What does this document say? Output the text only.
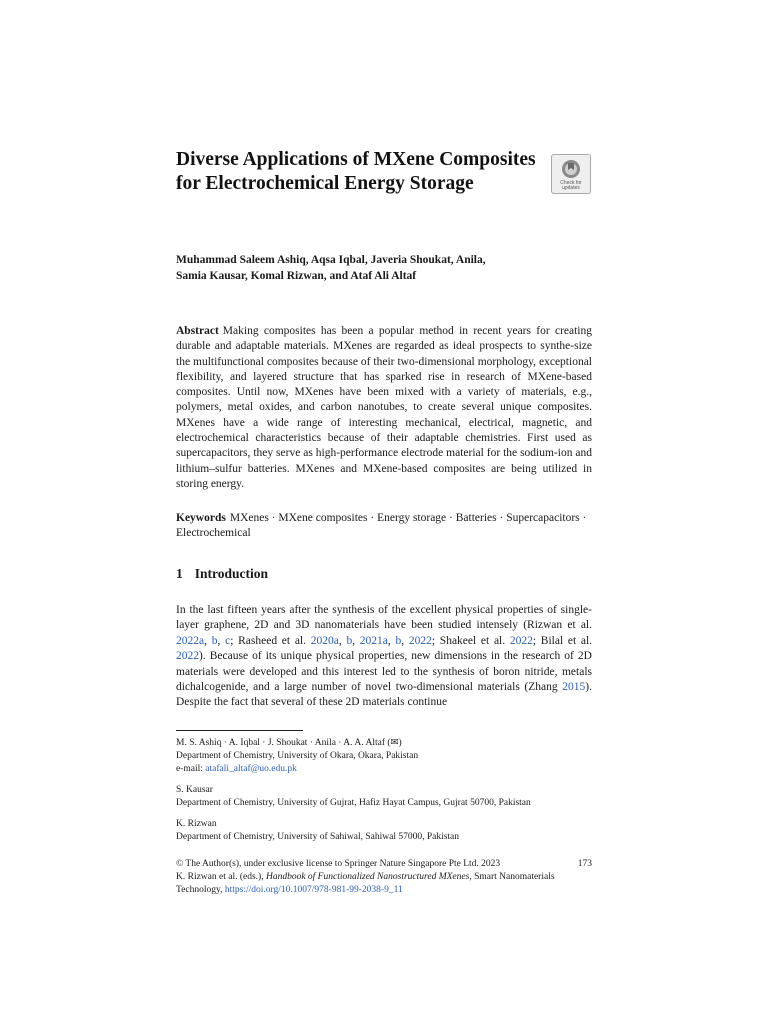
Diverse Applications of MXene Composites for Electrochemical Energy Storage	Check for
updates
Muhammad Saleem Ashiq, Aqsa Iqbal, Javeria Shoukat, Anila,
Samia Kausar, Komal Rizwan, and Ataf Ali Altaf
Abstract Making composites has been a popular method in recent years for creating durable and adaptable materials. MXenes are regarded as ideal prospects to synthe-size the multifunctional composites because of their two-dimensional morphology, exceptional flexibility, and layered structure that has sparked rise in research of MXene-based composites. Until now, MXenes have been mixed with a variety of materials, e.g., polymers, metal oxides, and carbon nanotubes, to create several unique composites. MXenes have a wide range of interesting mechanical, electrical, magnetic, and electrochemical characteristics because of their adaptable chemistries. First used as supercapacitors, they serve as high-performance electrode material for the sodium-ion and lithium–sulfur batteries. MXenes and MXene-based composites are being utilized in storing energy.
Keywords MXenes · MXene composites · Energy storage · Batteries · Supercapacitors · Electrochemical
1 Introduction
In the last fifteen years after the synthesis of the excellent physical properties of single-layer graphene, 2D and 3D nanomaterials have been studied intensely (Rizwan et al. 2022a, b, c; Rasheed et al. 2020a, b, 2021a, b, 2022; Shakeel et al. 2022; Bilal et al. 2022). Because of its unique physical properties, new dimensions in the research of 2D materials were developed and this interest led to the synthesis of boron nitride, metals dichalcogenide, and a large number of novel two-dimensional materials (Zhang 2015). Despite the fact that several of these 2D materials continue
M. S. Ashiq · A. Iqbal · J. Shoukat · Anila · A. A. Altaf (✉)
Department of Chemistry, University of Okara, Okara, Pakistan
e-mail: atafali_altaf@uo.edu.pk
S. Kausar
Department of Chemistry, University of Gujrat, Hafiz Hayat Campus, Gujrat 50700, Pakistan
K. Rizwan
Department of Chemistry, University of Sahiwal, Sahiwal 57000, Pakistan
© The Author(s), under exclusive license to Springer Nature Singapore Pte Ltd. 2023	173
K. Rizwan et al. (eds.), Handbook of Functionalized Nanostructured MXenes, Smart Nanomaterials Technology, https://doi.org/10.1007/978-981-99-2038-9_11
